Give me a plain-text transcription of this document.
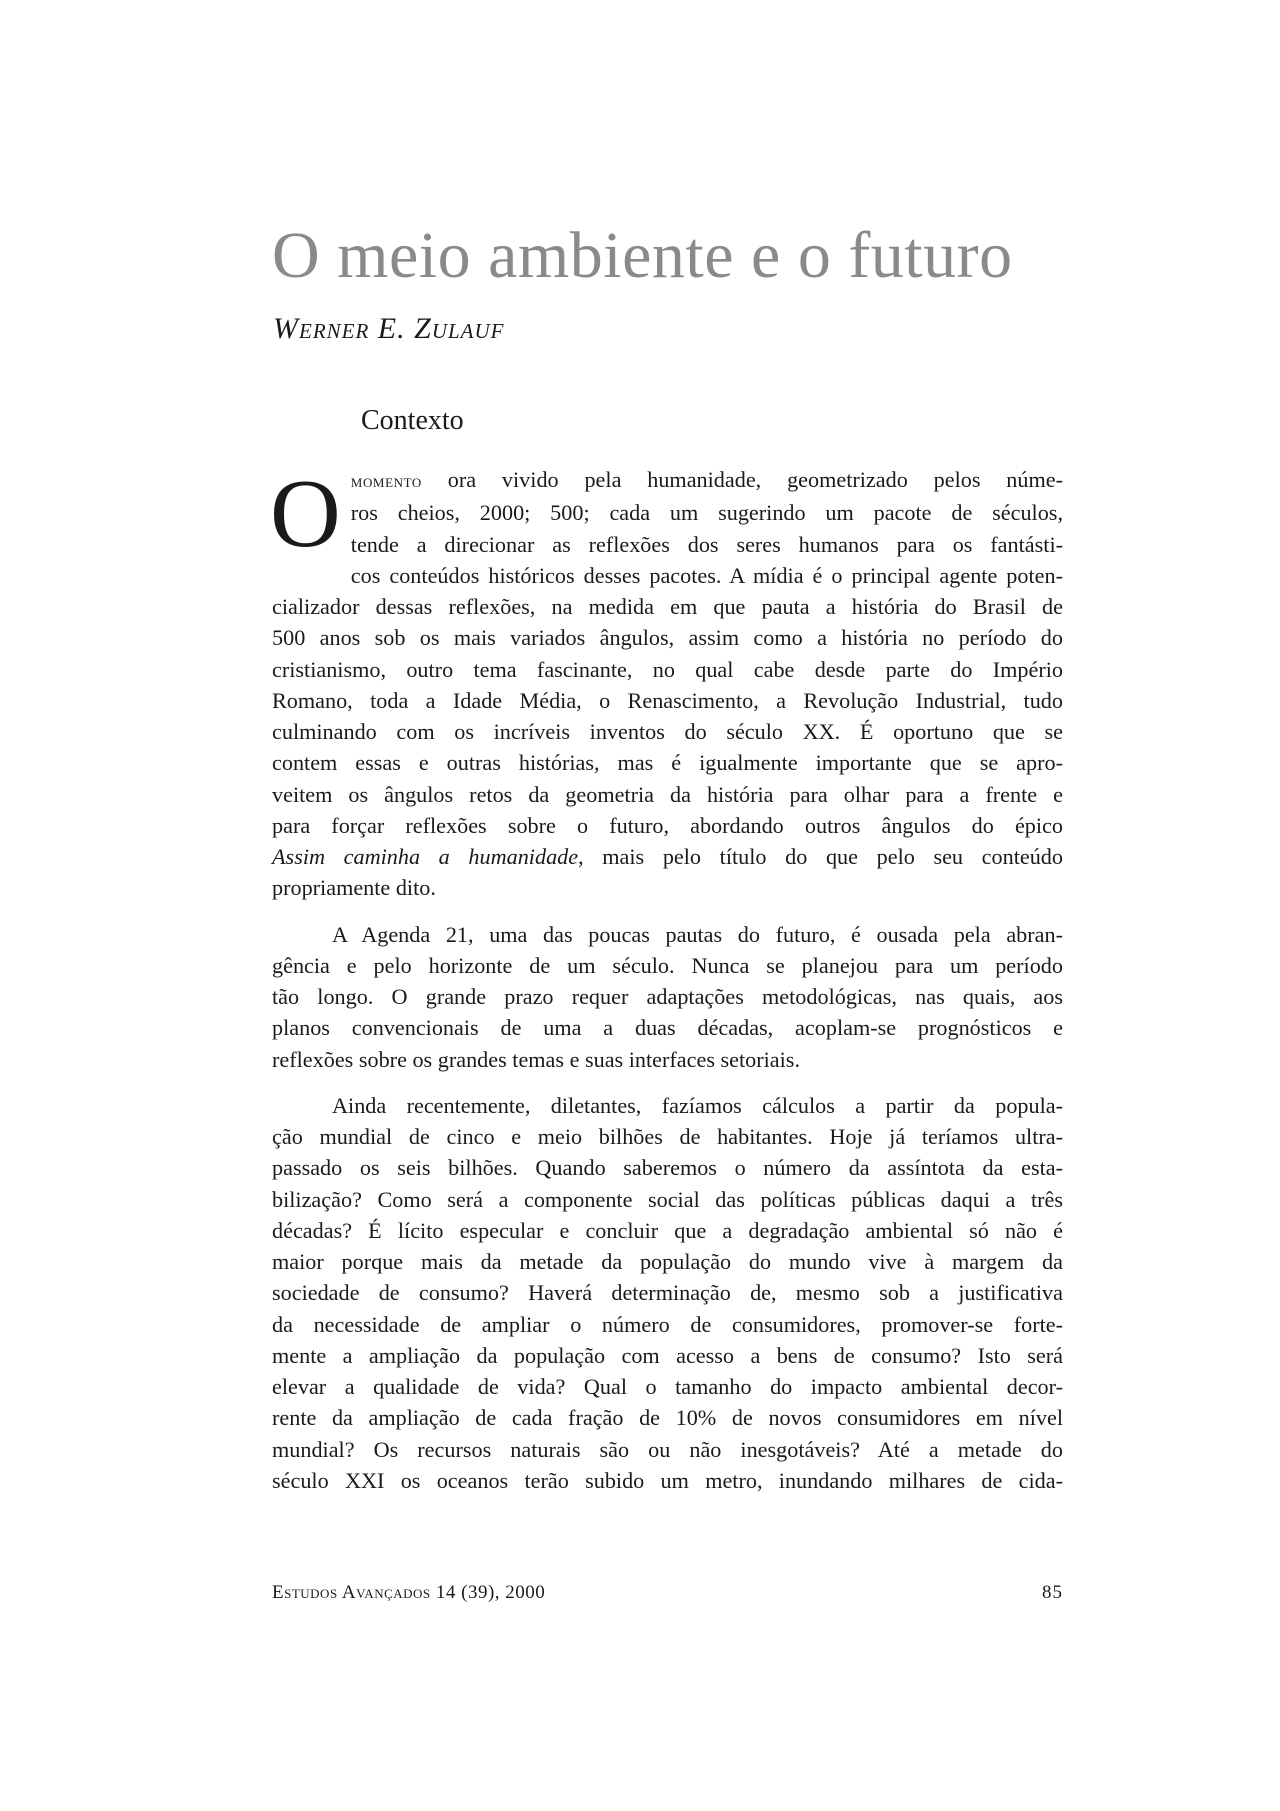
O meio ambiente e o futuro
Werner E. Zulauf
Contexto

O momento ora vivido pela humanidade, geometrizado pelos núme-
ros cheios, 2000; 500; cada um sugerindo um pacote de séculos,
tende a direcionar as reflexões dos seres humanos para os fantásti-
cos conteúdos históricos desses pacotes. A mídia é o principal agente poten-
cializador dessas reflexões, na medida em que pauta a história do Brasil de
500 anos sob os mais variados ângulos, assim como a história no período do
cristianismo, outro tema fascinante, no qual cabe desde parte do Império
Romano, toda a Idade Média, o Renascimento, a Revolução Industrial, tudo
culminando com os incríveis inventos do século XX. É oportuno que se
contem essas e outras histórias, mas é igualmente importante que se apro-
veitem os ângulos retos da geometria da história para olhar para a frente e
para forçar reflexões sobre o futuro, abordando outros ângulos do épico
Assim caminha a humanidade, mais pelo título do que pelo seu conteúdo
propriamente dito.

A Agenda 21, uma das poucas pautas do futuro, é ousada pela abran-
gência e pelo horizonte de um século. Nunca se planejou para um período
tão longo. O grande prazo requer adaptações metodológicas, nas quais, aos
planos convencionais de uma a duas décadas, acoplam-se prognósticos e
reflexões sobre os grandes temas e suas interfaces setoriais.

Ainda recentemente, diletantes, fazíamos cálculos a partir da popula-
ção mundial de cinco e meio bilhões de habitantes. Hoje já teríamos ultra-
passado os seis bilhões. Quando saberemos o número da assíntota da esta-
bilização? Como será a componente social das políticas públicas daqui a três
décadas? É lícito especular e concluir que a degradação ambiental só não é
maior porque mais da metade da população do mundo vive à margem da
sociedade de consumo? Haverá determinação de, mesmo sob a justificativa
da necessidade de ampliar o número de consumidores, promover-se forte-
mente a ampliação da população com acesso a bens de consumo? Isto será
elevar a qualidade de vida? Qual o tamanho do impacto ambiental decor-
rente da ampliação de cada fração de 10% de novos consumidores em nível
mundial? Os recursos naturais são ou não inesgotáveis? Até a metade do
século XXI os oceanos terão subido um metro, inundando milhares de cida-

Estudos Avançados 14 (39), 2000	85
